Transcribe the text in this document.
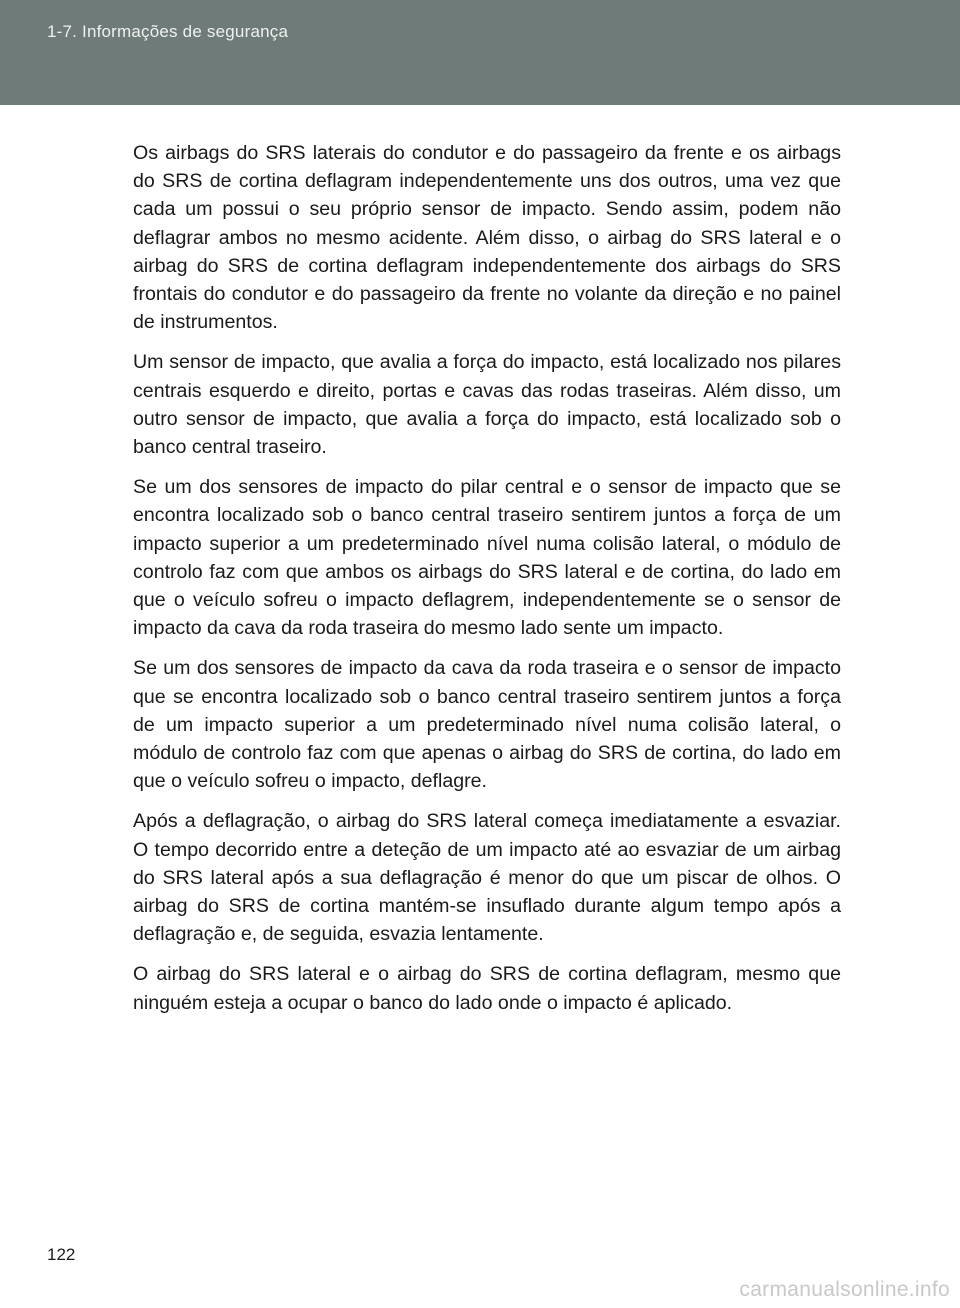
1-7. Informações de segurança

Os airbags do SRS laterais do condutor e do passageiro da frente e os airbags do SRS de cortina deflagram independentemente uns dos outros, uma vez que cada um possui o seu próprio sensor de impacto. Sendo assim, podem não deflagrar ambos no mesmo acidente. Além disso, o airbag do SRS lateral e o airbag do SRS de cortina deflagram independentemente dos airbags do SRS frontais do condutor e do passageiro da frente no volante da direção e no painel de instrumentos.

Um sensor de impacto, que avalia a força do impacto, está localizado nos pilares centrais esquerdo e direito, portas e cavas das rodas traseiras. Além disso, um outro sensor de impacto, que avalia a força do impacto, está localizado sob o banco central traseiro.

Se um dos sensores de impacto do pilar central e o sensor de impacto que se encontra localizado sob o banco central traseiro sentirem juntos a força de um impacto superior a um predeterminado nível numa colisão lateral, o módulo de controlo faz com que ambos os airbags do SRS lateral e de cortina, do lado em que o veículo sofreu o impacto deflagrem, independentemente se o sensor de impacto da cava da roda traseira do mesmo lado sente um impacto.

Se um dos sensores de impacto da cava da roda traseira e o sensor de impacto que se encontra localizado sob o banco central traseiro sentirem juntos a força de um impacto superior a um predeterminado nível numa colisão lateral, o módulo de controlo faz com que apenas o airbag do SRS de cortina, do lado em que o veículo sofreu o impacto, deflagre.

Após a deflagração, o airbag do SRS lateral começa imediatamente a esvaziar. O tempo decorrido entre a deteção de um impacto até ao esvaziar de um airbag do SRS lateral após a sua deflagração é menor do que um piscar de olhos. O airbag do SRS de cortina mantém-se insuflado durante algum tempo após a deflagração e, de seguida, esvazia lentamente.

O airbag do SRS lateral e o airbag do SRS de cortina deflagram, mesmo que ninguém esteja a ocupar o banco do lado onde o impacto é aplicado.

122
carmanualsonline.info
